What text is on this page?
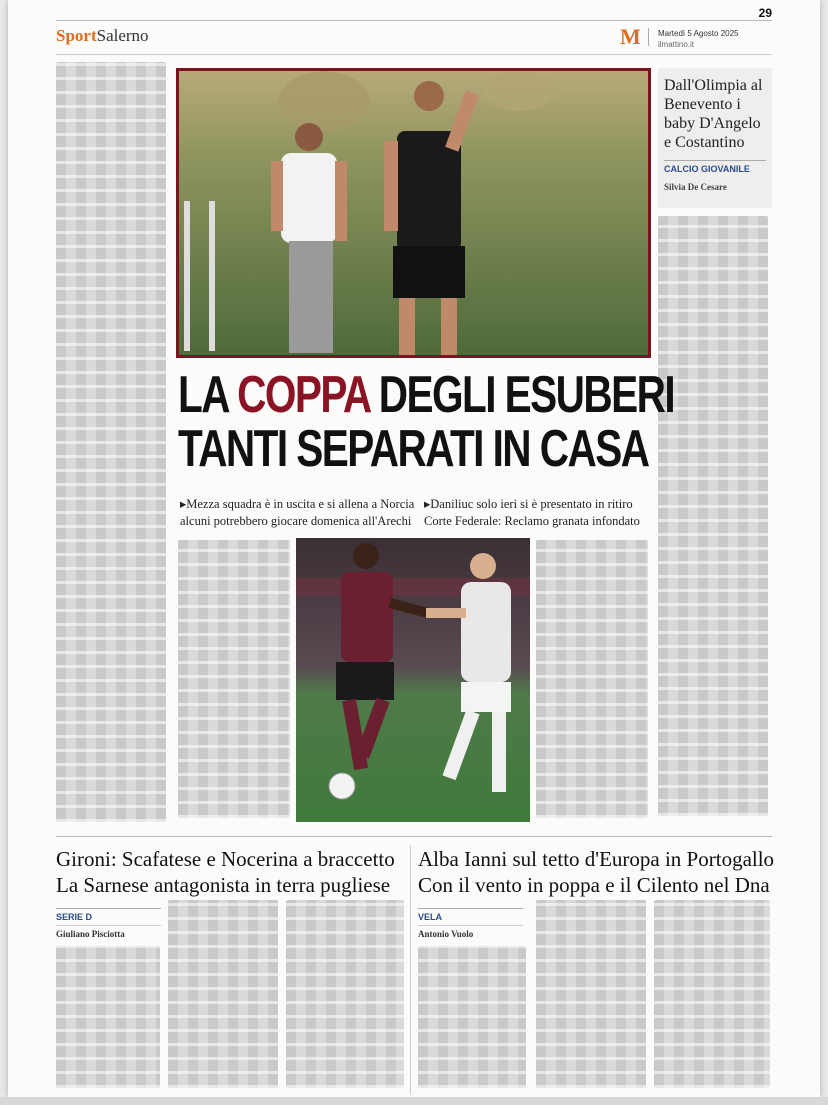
29
SportSalerno	M Martedì 5 Agosto 2025
ilmattino.it
Dall'Olimpia al Benevento i baby D'Angelo e Costantino
CALCIO GIOVANILE
Silvia De Cesare
LA COPPA DEGLI ESUBERI
TANTI SEPARATI IN CASA
▸Mezza squadra è in uscita e si allena a Norcia
alcuni potrebbero giocare domenica all'Arechi
▸Daniliuc solo ieri si è presentato in ritiro
Corte Federale: Reclamo granata infondato
Gironi: Scafatese e Nocerina a braccetto
La Sarnese antagonista in terra pugliese
SERIE D
Giuliano Pisciotta
Alba Ianni sul tetto d'Europa in Portogallo
Con il vento in poppa e il Cilento nel Dna
VELA
Antonio Vuolo
